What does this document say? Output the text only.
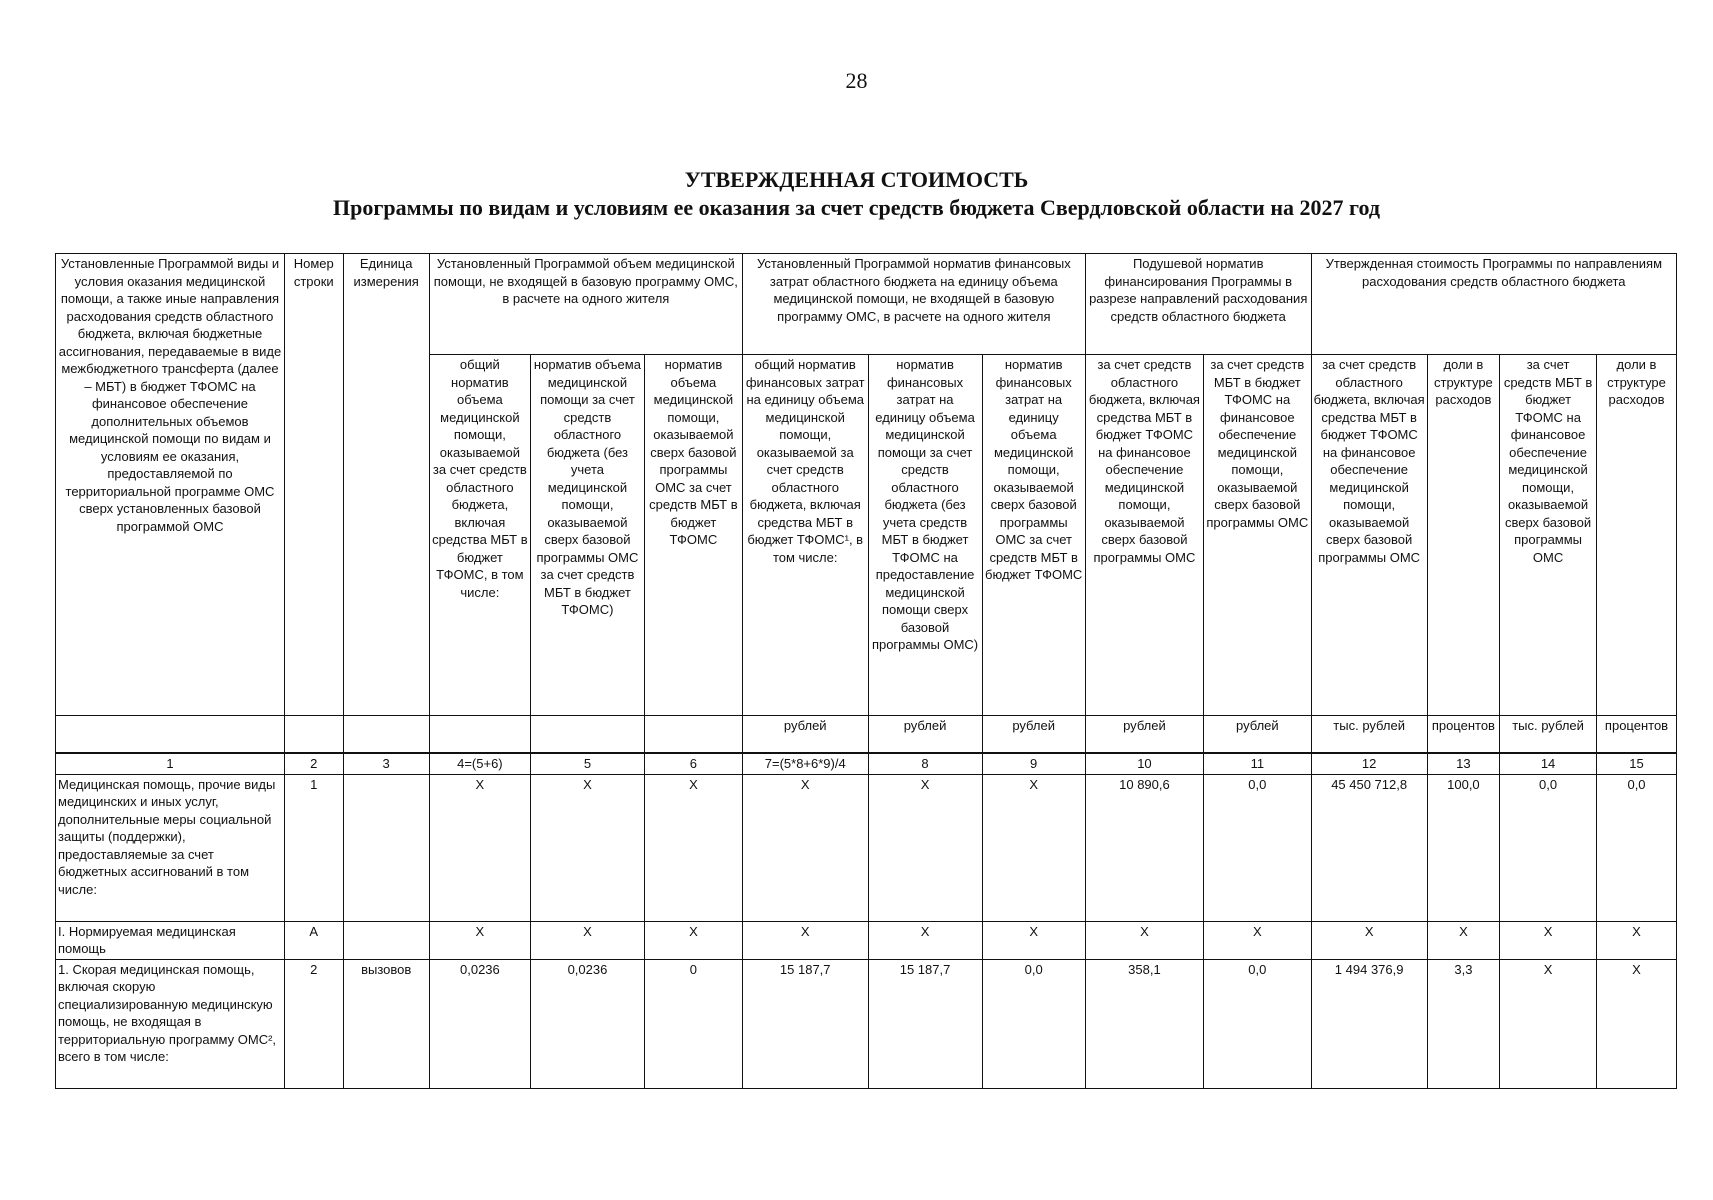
28
УТВЕРЖДЕННАЯ СТОИМОСТЬ
Программы по видам и условиям ее оказания за счет средств бюджета Свердловской области на 2027 год
Установленные Программой виды и условия оказания медицинской помощи, а также иные направления расходования средств областного бюджета, включая бюджетные ассигнования, передаваемые в виде межбюджетного трансферта (далее – МБТ) в бюджет ТФОМС на финансовое обеспечение дополнительных объемов медицинской помощи по видам и условиям ее оказания, предоставляемой по территориальной программе ОМС сверх установленных базовой программой ОМС	Номер строки	Единица измерения	Установленный Программой объем медицинской помощи, не входящей в базовую программу ОМС, в расчете на одного жителя			Установленный Программой норматив финансовых затрат областного бюджета на единицу объема медицинской помощи, не входящей в базовую программу ОМС, в расчете на одного жителя			Подушевой норматив финансирования Программы в разрезе направлений расходования средств областного бюджета		Утвержденная стоимость Программы по направлениям расходования средств областного бюджета			
			общий норматив объема медицинской помощи, оказываемой за счет средств областного бюджета, включая средства МБТ в бюджет ТФОМС, в том числе:	норматив объема медицинской помощи за счет средств областного бюджета (без учета медицинской помощи, оказываемой сверх базовой программы ОМС за счет средств МБТ в бюджет ТФОМС)	норматив объема медицинской помощи, оказываемой сверх базовой программы ОМС за счет средств МБТ в бюджет ТФОМС	общий норматив финансовых затрат на единицу объема медицинской помощи, оказываемой за счет средств областного бюджета, включая средства МБТ в бюджет ТФОМС¹, в том числе:	норматив финансовых затрат на единицу объема медицинской помощи за счет средств областного бюджета (без учета средств МБТ в бюджет ТФОМС на предоставление медицинской помощи сверх базовой программы ОМС)	норматив финансовых затрат на единицу объема медицинской помощи, оказываемой сверх базовой программы ОМС за счет средств МБТ в бюджет ТФОМС	за счет средств областного бюджета, включая средства МБТ в бюджет ТФОМС на финансовое обеспечение медицинской помощи, оказываемой сверх базовой программы ОМС	за счет средств МБТ в бюджет ТФОМС на финансовое обеспечение медицинской помощи, оказываемой сверх базовой программы ОМС	за счет средств областного бюджета, включая средства МБТ в бюджет ТФОМС на финансовое обеспечение медицинской помощи, оказываемой сверх базовой программы ОМС	доли в структуре расходов	за счет средств МБТ в бюджет ТФОМС на финансовое обеспечение медицинской помощи, оказываемой сверх базовой программы ОМС	доли в структуре расходов
						рублей	рублей	рублей	рублей	рублей	тыс. рублей	процентов	тыс. рублей	процентов
1	2	3	4=(5+6)	5	6	7=(5*8+6*9)/4	8	9	10	11	12	13	14	15
Медицинская помощь, прочие виды медицинских и иных услуг, дополнительные меры социальной защиты (поддержки), предоставляемые за счет бюджетных ассигнований в том числе:	1		Х	Х	Х	Х	Х	Х	10 890,6	0,0	45 450 712,8	100,0	0,0	0,0
I. Нормируемая медицинская помощь	А		Х	Х	Х	Х	Х	Х	Х	Х	Х	Х	Х	Х
1. Скорая медицинская помощь, включая скорую специализированную медицинскую помощь, не входящая в территориальную программу ОМС², всего в том числе:	2	вызовов	0,0236	0,0236	0	15 187,7	15 187,7	0,0	358,1	0,0	1 494 376,9	3,3	Х	Х
